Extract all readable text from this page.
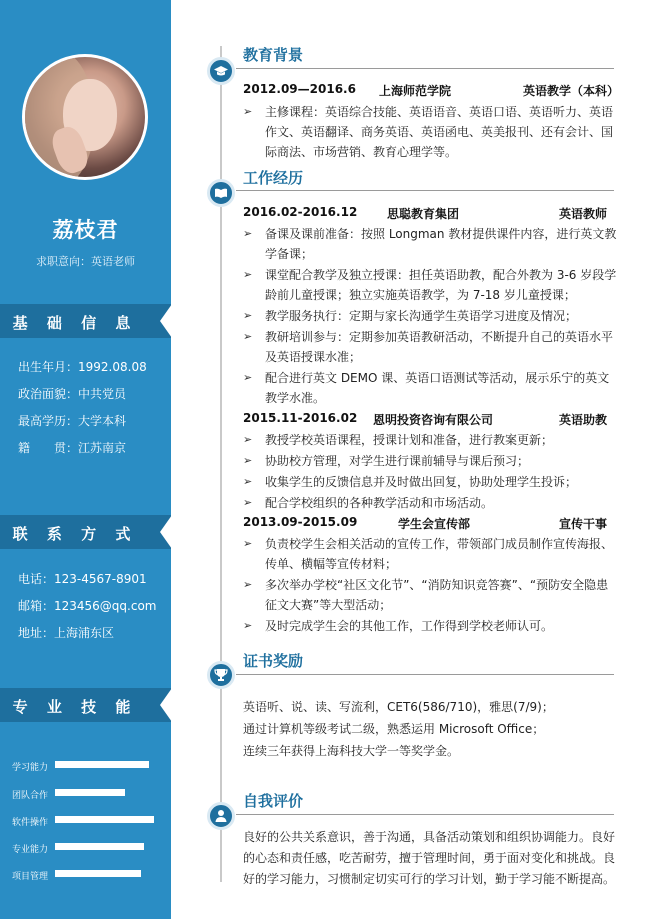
荔枝君
求职意向：英语老师
基 础 信 息
出生年月：1992.08.08
政治面貌：中共党员
最高学历：大学本科
籍　　贯：江苏南京
联 系 方 式
电话：123-4567-8901
邮箱：123456@qq.com
地址：上海浦东区
专 业 技 能
学习能力
团队合作
软件操作
专业能力
项目管理
教育背景
2012.09—2016.6 上海师范学院	英语教学（本科）
➢ 主修课程：英语综合技能、英语语音、英语口语、英语听力、英语作文、英语翻译、商务英语、英语函电、英美报刊、还有会计、国际商法、市场营销、教育心理学等。
工作经历
2016.02-2016.12 思聪教育集团	英语教师
➢ 备课及课前准备：按照 Longman 教材提供课件内容，进行英文教学备课；
➢ 课堂配合教学及独立授课：担任英语助教，配合外教为 3-6 岁段学龄前儿童授课；独立实施英语教学，为 7-18 岁儿童授课；
➢ 教学服务执行：定期与家长沟通学生英语学习进度及情况；
➢ 教研培训参与：定期参加英语教研活动，不断提升自己的英语水平及英语授课水准；
➢ 配合进行英文 DEMO 课、英语口语测试等活动，展示乐宁的英文教学水准。
2015.11-2016.02 恩明投资咨询有限公司	英语助教
➢ 教授学校英语课程，授课计划和准备，进行教案更新；
➢ 协助校方管理，对学生进行课前辅导与课后预习；
➢ 收集学生的反馈信息并及时做出回复，协助处理学生投诉；
➢ 配合学校组织的各种教学活动和市场活动。
2013.09-2015.09	学生会宣传部	宣传干事
➢ 负责校学生会相关活动的宣传工作，带领部门成员制作宣传海报、传单、横幅等宣传材料；
➢ 多次举办学校“社区文化节”、“消防知识竞答赛”、“预防安全隐患征文大赛”等大型活动；
➢ 及时完成学生会的其他工作，工作得到学校老师认可。
证书奖励
英语听、说、读、写流利，CET6(586/710)，雅思(7/9)；
通过计算机等级考试二级，熟悉运用 Microsoft Office；
连续三年获得上海科技大学一等奖学金。
自我评价
良好的公共关系意识，善于沟通，具备活动策划和组织协调能力。良好的心态和责任感，吃苦耐劳，擅于管理时间，勇于面对变化和挑战。良好的学习能力，习惯制定切实可行的学习计划，勤于学习能不断提高。
